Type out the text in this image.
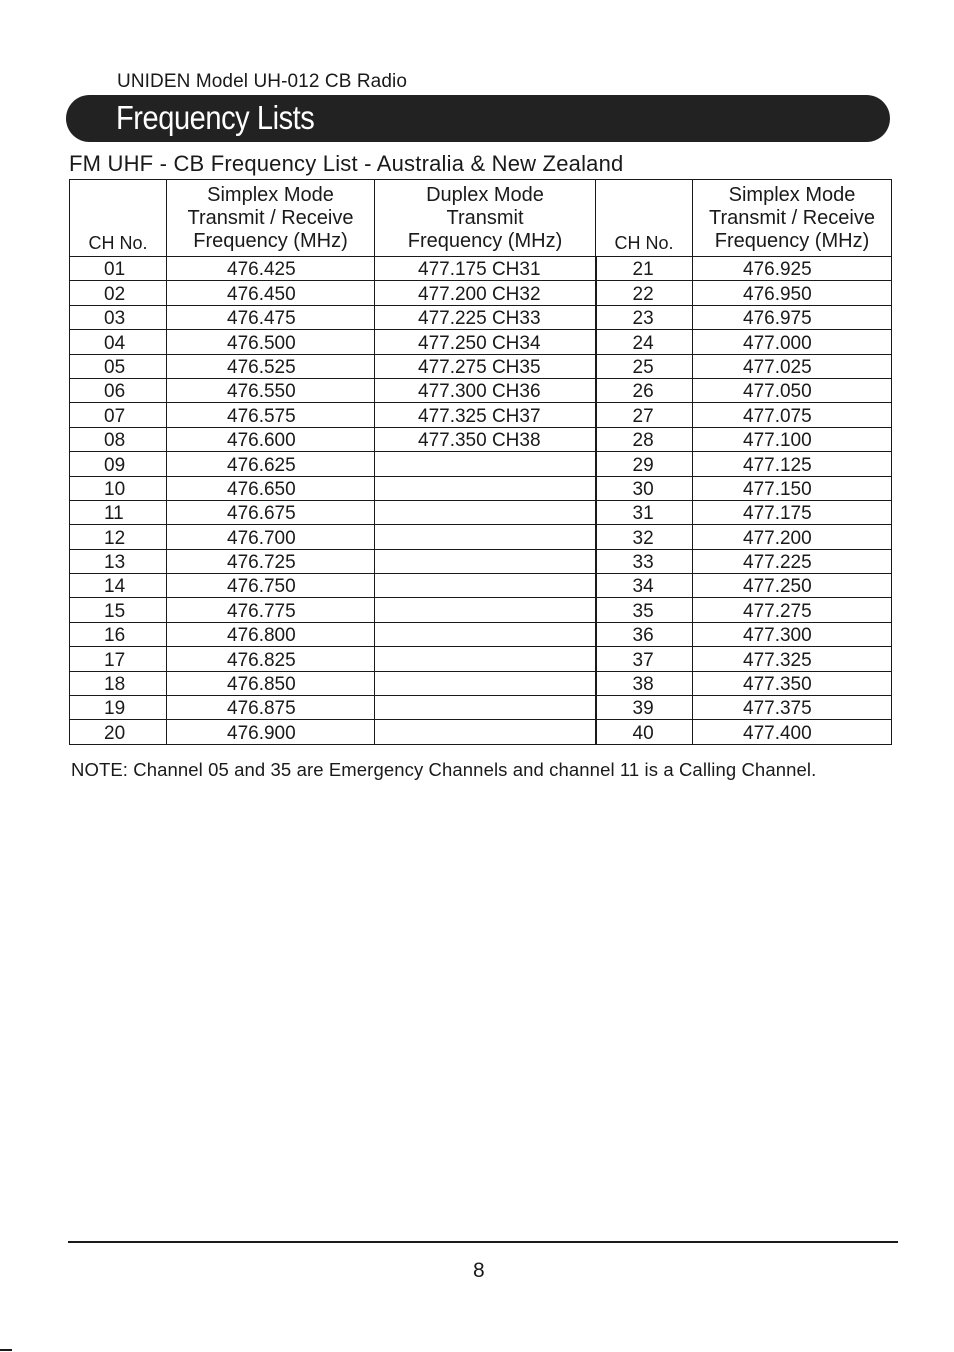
UNIDEN Model UH-012 CB Radio
Frequency Lists
FM UHF - CB Frequency List - Australia & New Zealand
CH No.	Simplex Mode
Transmit / Receive
Frequency (MHz)	Duplex Mode
Transmit
Frequency (MHz)	CH No.	Simplex Mode
Transmit / Receive
Frequency (MHz)

01	476.425	477.175 CH31	21	476.925
02	476.450	477.200 CH32	22	476.950
03	476.475	477.225 CH33	23	476.975
04	476.500	477.250 CH34	24	477.000
05	476.525	477.275 CH35	25	477.025
06	476.550	477.300 CH36	26	477.050
07	476.575	477.325 CH37	27	477.075
08	476.600	477.350 CH38	28	477.100
09	476.625		29	477.125
10	476.650		30	477.150
11	476.675		31	477.175
12	476.700		32	477.200
13	476.725		33	477.225
14	476.750		34	477.250
15	476.775		35	477.275
16	476.800		36	477.300
17	476.825		37	477.325
18	476.850		38	477.350
19	476.875		39	477.375
20	476.900		40	477.400
NOTE: Channel 05 and 35 are Emergency Channels and channel 11 is a Calling Channel.
8
